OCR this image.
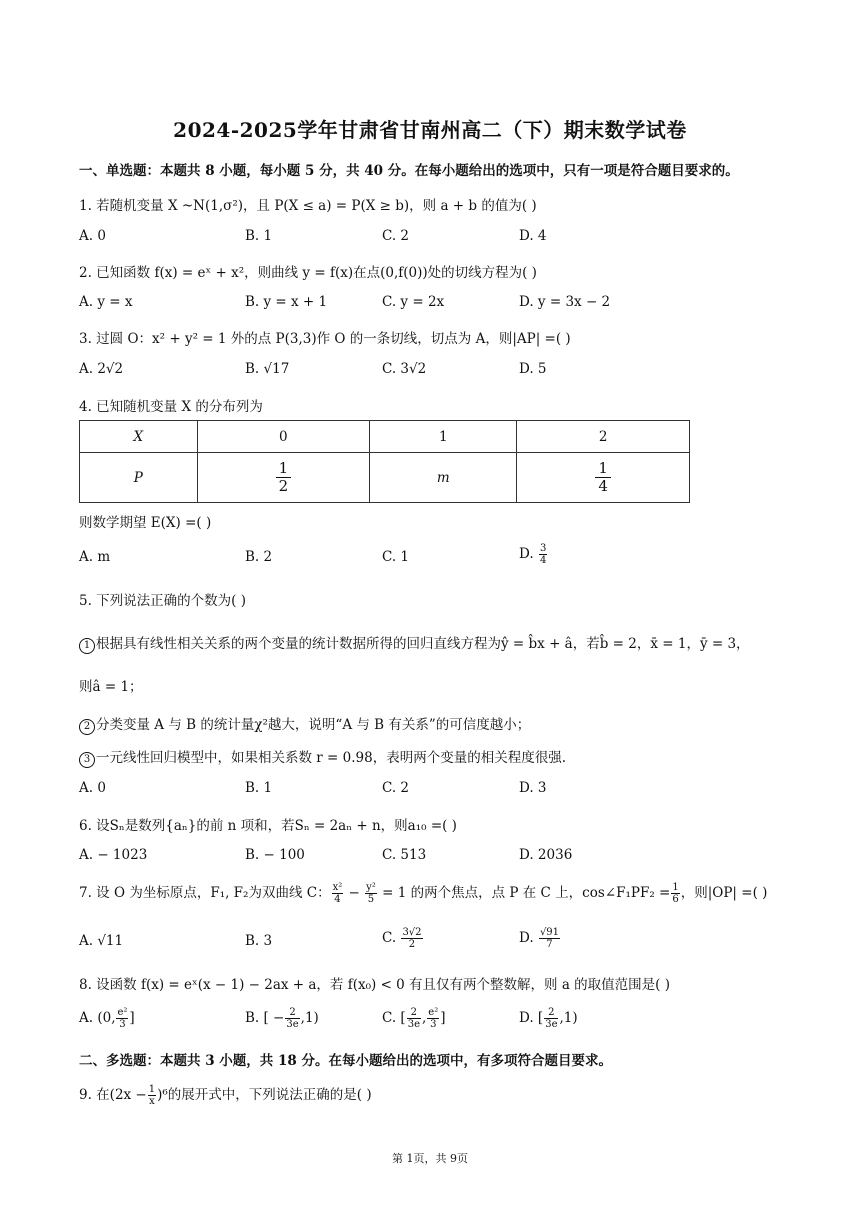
2024-2025学年甘肃省甘南州高二（下）期末数学试卷
一、单选题：本题共 8 小题，每小题 5 分，共 40 分。在每小题给出的选项中，只有一项是符合题目要求的。
1. 若随机变量 X ~N(1,σ²)，且 P(X ≤ a) = P(X ≥ b)，则 a + b 的值为( )
A. 0	B. 1	C. 2	D. 4
2. 已知函数 f(x) = eˣ + x²，则曲线 y = f(x)在点(0,f(0))处的切线方程为( )
A. y = x	B. y = x + 1	C. y = 2x	D. y = 3x − 2
3. 过圆 O：x² + y² = 1 外的点 P(3,3)作 O 的一条切线，切点为 A，则|AP| =( )
A. 2√2	B. √17	C. 3√2	D. 5
4. 已知随机变量 X 的分布列为
X	0	1	2
P	$\frac{1}{2}$	m	$\frac{1}{4}$
则数学期望 E(X) =( )
A. m	B. 2	C. 1	D. $\frac{3}{4}$
5. 下列说法正确的个数为( )
1 根据具有线性相关关系的两个变量的统计数据所得的回归直线方程为ŷ = b̂x + â，若b̂ = 2，x̄ = 1，ȳ = 3，
则â = 1；
2 分类变量 A 与 B 的统计量χ²越大，说明“A 与 B 有关系”的可信度越小；
3 一元线性回归模型中，如果相关系数 r = 0.98，表明两个变量的相关程度很强.
A. 0	B. 1	C. 2	D. 3
6. 设Sₙ是数列{aₙ}的前 n 项和，若Sₙ = 2aₙ + n，则a₁₀ =( )
A. − 1023	B. − 100	C. 513	D. 2036
7. 设 O 为坐标原点，F₁, F₂为双曲线 C： $\frac{\text{x²}}{4} - \frac{\text{y²}}{5} = 1$ 的两个焦点，点 P 在 C 上，cos∠F₁PF₂ = $\frac{1}{6}$ ，则|OP| =( )
A. √11	B. 3	C. $\frac{3√2}{2}$	D. $\frac{√91}{7}$
8. 设函数 f(x) = eˣ(x − 1) − 2ax + a，若 f(x₀) < 0 有且仅有两个整数解，则 a 的取值范围是( )
A. (0, $\frac{\text{e²}}{3}$ ]	B. [ − $\frac{2}{3e} ,1$)	C. [ $\frac{2}{3e}$ , $\frac{\text{e²}}{3}$ ]	D. [ $\frac{2}{3e} ,1$)
二、多选题：本题共 3 小题，共 18 分。在每小题给出的选项中，有多项符合题目要求。
9. 在$(2x - \frac{1}{x} )^6$的展开式中，下列说法正确的是( )
第 1页，共 9页
